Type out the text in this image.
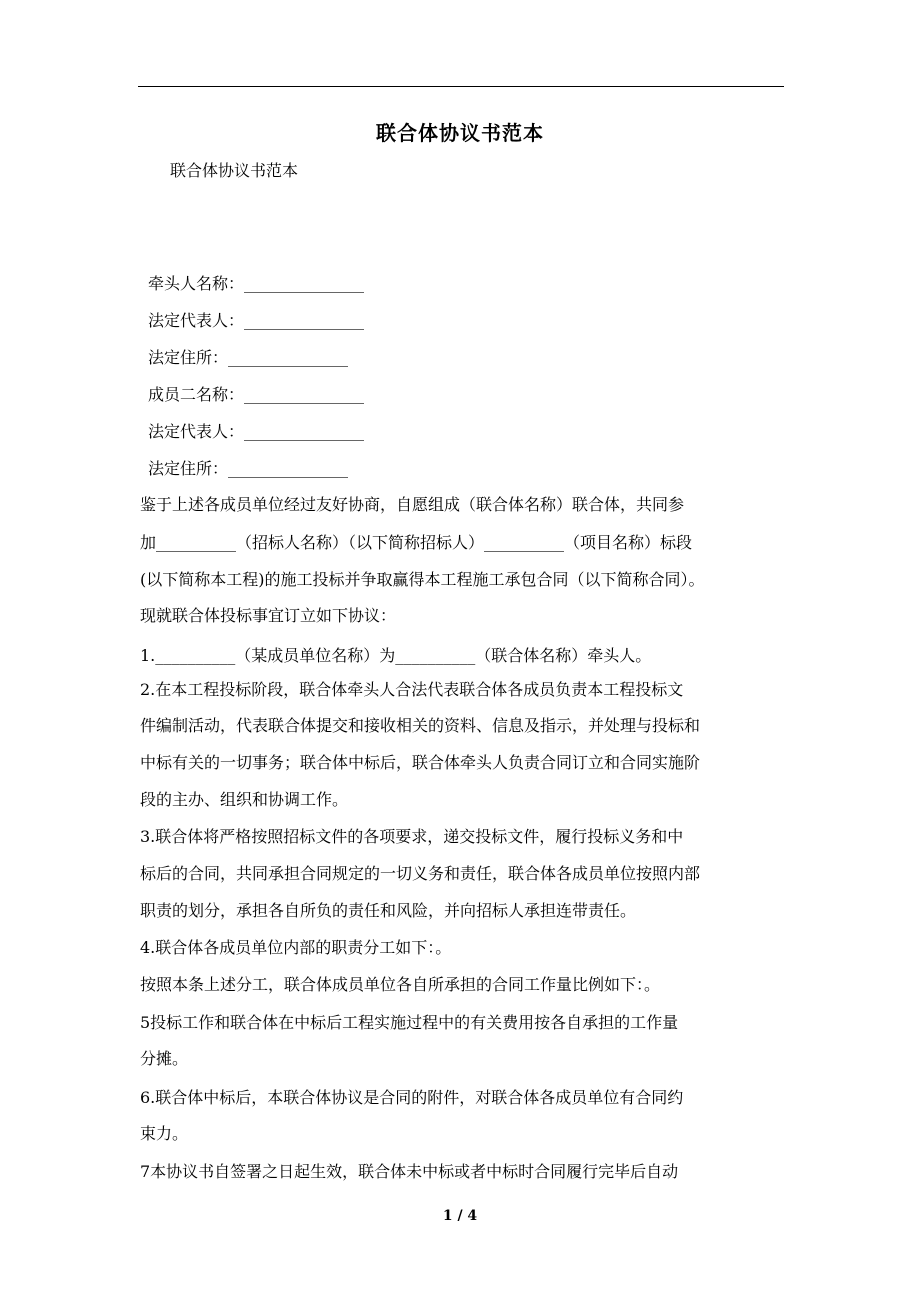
联合体协议书范本
联合体协议书范本
牵头人名称：_______________
法定代表人：_______________
法定住所：_______________
成员二名称：_______________
法定代表人：_______________
法定住所：_______________
鉴于上述各成员单位经过友好协商，自愿组成（联合体名称）联合体，共同参
加__________（招标人名称）（以下简称招标人）__________（项目名称）标段
(以下简称本工程)的施工投标并争取赢得本工程施工承包合同（以下简称合同）。
现就联合体投标事宜订立如下协议：
1.__________（某成员单位名称）为__________（联合体名称）牵头人。
2.在本工程投标阶段，联合体牵头人合法代表联合体各成员负责本工程投标文
件编制活动，代表联合体提交和接收相关的资料、信息及指示，并处理与投标和
中标有关的一切事务；联合体中标后，联合体牵头人负责合同订立和合同实施阶
段的主办、组织和协调工作。
3.联合体将严格按照招标文件的各项要求，递交投标文件，履行投标义务和中
标后的合同，共同承担合同规定的一切义务和责任，联合体各成员单位按照内部
职责的划分，承担各自所负的责任和风险，并向招标人承担连带责任。
4.联合体各成员单位内部的职责分工如下：。
按照本条上述分工，联合体成员单位各自所承担的合同工作量比例如下：。
5投标工作和联合体在中标后工程实施过程中的有关费用按各自承担的工作量
分摊。
6.联合体中标后，本联合体协议是合同的附件，对联合体各成员单位有合同约
束力。
7本协议书自签署之日起生效，联合体未中标或者中标时合同履行完毕后自动
1 / 4
